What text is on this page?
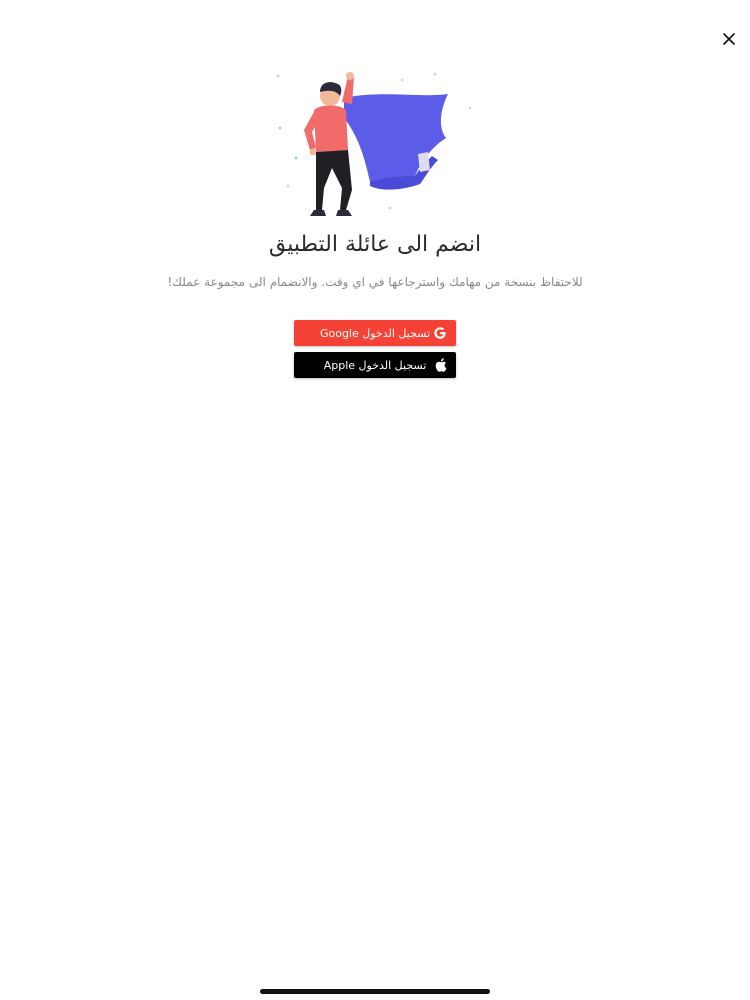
انضم الى عائلة التطبيق
للاحتفاظ بنسخة من مهامك واسترجاعها في اي وقت. والانضمام الى مجموعة عملك!
تسجيل الدخول Google
تسجيل الدخول Apple
